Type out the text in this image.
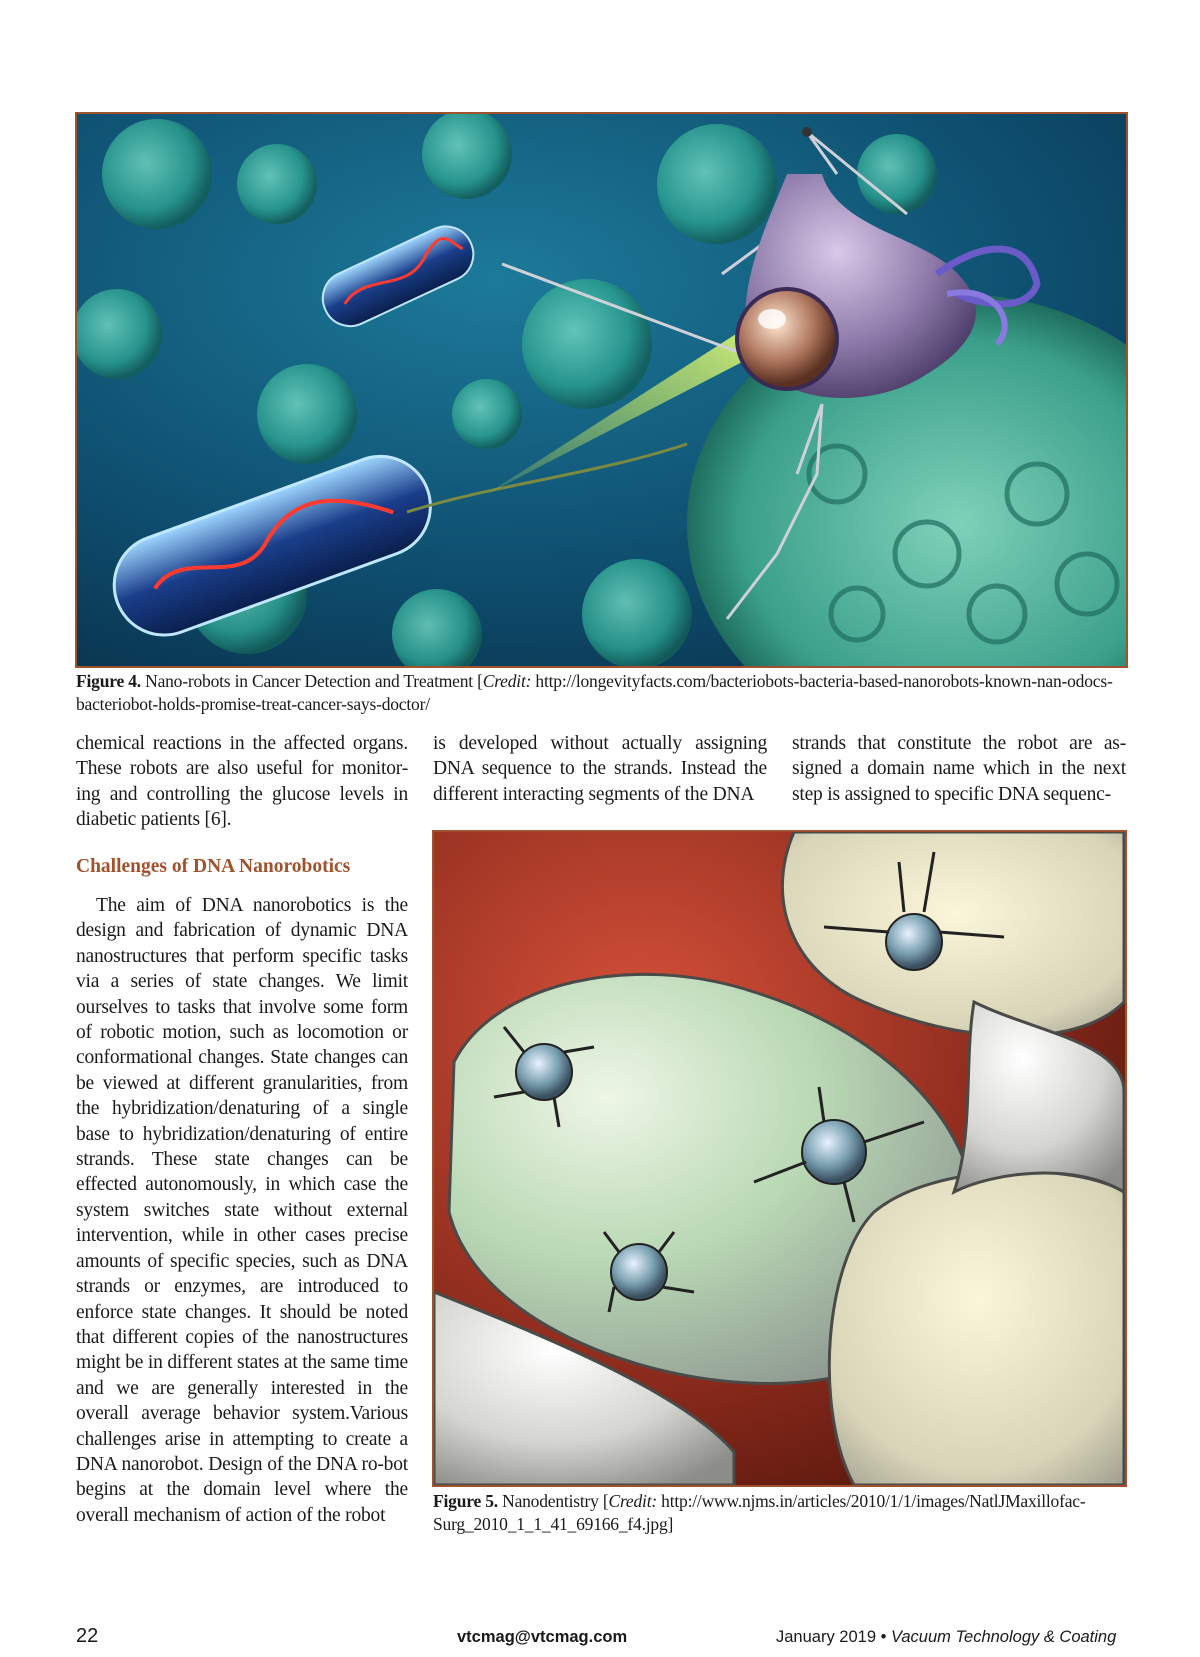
Figure 4. Nano-robots in Cancer Detection and Treatment [Credit: http://longevityfacts.com/bacteriobots-bacteria-based-nanorobots-known-nan-odocs-bacteriobot-holds-promise-treat-cancer-says-doctor/
chemical reactions in the affected organs. These robots are also useful for monitor-ing and controlling the glucose levels in diabetic patients [6].
Challenges of DNA Nanorobotics
The aim of DNA nanorobotics is the design and fabrication of dynamic DNA nanostructures that perform specific tasks via a series of state changes. We limit ourselves to tasks that involve some form of robotic motion, such as locomotion or conformational changes. State changes can be viewed at different granularities, from the hybridization/denaturing of a single base to hybridization/denaturing of entire strands. These state changes can be effected autonomously, in which case the system switches state without external intervention, while in other cases precise amounts of specific species, such as DNA strands or enzymes, are introduced to enforce state changes. It should be noted that different copies of the nanostructures might be in different states at the same time and we are generally interested in the overall average behavior system.Various challenges arise in attempting to create a DNA nanorobot. Design of the DNA ro-bot begins at the domain level where the overall mechanism of action of the robot
is developed without actually assigning DNA sequence to the strands. Instead the different interacting segments of the DNA
strands that constitute the robot are as-signed a domain name which in the next step is assigned to specific DNA sequenc-
Figure 5. Nanodentistry [Credit: http://www.njms.in/articles/2010/1/1/images/NatlJMaxillofac-Surg_2010_1_1_41_69166_f4.jpg]
22	vtcmag@vtcmag.com	January 2019 • Vacuum Technology & Coating
